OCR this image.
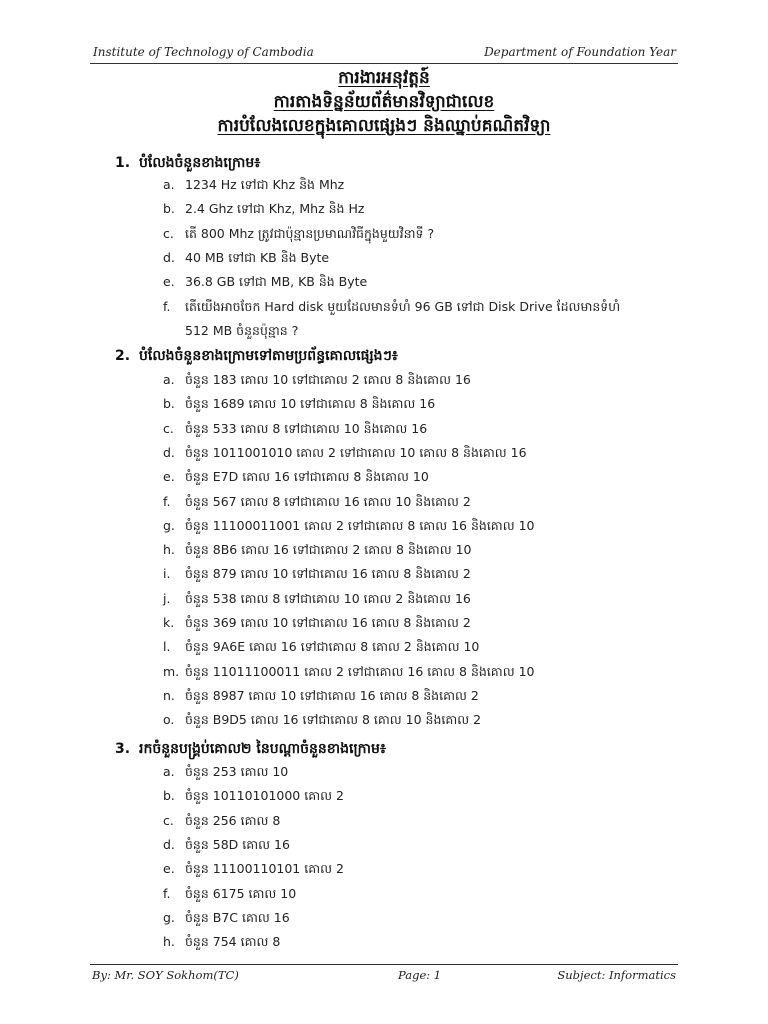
Institute of Technology of Cambodia	Department of Foundation Year
ការងារអនុវត្តន៍
ការតាងទិន្នន័យព័ត៌មានវិទ្យាជាលេខ
ការបំលែងលេខក្នុងគោលផ្សេងៗ និងឈ្នាប់គណិតវិទ្យា
1. បំលែងចំនួនខាងក្រោម៖
a. 1234 Hz ទៅជា Khz និង Mhz
b. 2.4 Ghz ទៅជា Khz, Mhz និង Hz
c. តើ 800 Mhz ត្រូវជាប៉ុន្មានប្រមាណវិធីក្នុងមួយវិនាទី ?
d. 40 MB ទៅជា KB និង Byte
e. 36.8 GB ទៅជា MB, KB និង Byte
f. តើយើងអាចចែក Hard disk មួយដែលមានទំហំ 96 GB ទៅជា Disk Drive ដែលមានទំហំ
512 MB ចំនួនប៉ុន្មាន ?
2. បំលែងចំនួនខាងក្រោមទៅតាមប្រព័ន្ធគោលផ្សេងៗ៖
a. ចំនួន 183 គោល 10 ទៅជាគោល 2 គោល 8 និងគោល 16
b. ចំនួន 1689 គោល 10 ទៅជាគោល 8 និងគោល 16
c. ចំនួន 533 គោល 8 ទៅជាគោល 10 និងគោល 16
d. ចំនួន 1011001010 គោល 2 ទៅជាគោល 10 គោល 8 និងគោល 16
e. ចំនួន E7D គោល 16 ទៅជាគោល 8 និងគោល 10
f. ចំនួន 567 គោល 8 ទៅជាគោល 16 គោល 10 និងគោល 2
g. ចំនួន 11100011001 គោល 2 ទៅជាគោល 8 គោល 16 និងគោល 10
h. ចំនួន 8B6 គោល 16 ទៅជាគោល 2 គោល 8 និងគោល 10
i. ចំនួន 879 គោល 10 ទៅជាគោល 16 គោល 8 និងគោល 2
j. ចំនួន 538 គោល 8 ទៅជាគោល 10 គោល 2 និងគោល 16
k. ចំនួន 369 គោល 10 ទៅជាគោល 16 គោល 8 និងគោល 2
l. ចំនួន 9A6E គោល 16 ទៅជាគោល 8 គោល 2 និងគោល 10
m. ចំនួន 11011100011 គោល 2 ទៅជាគោល 16 គោល 8 និងគោល 10
n. ចំនួន 8987 គោល 10 ទៅជាគោល 16 គោល 8 និងគោល 2
o. ចំនួន B9D5 គោល 16 ទៅជាគោល 8 គោល 10 និងគោល 2
3. រកចំនួនបង្គ្រប់គោល២ នៃបណ្ដាចំនួនខាងក្រោម៖
a. ចំនួន 253 គោល 10
b. ចំនួន 10110101000 គោល 2
c. ចំនួន 256 គោល 8
d. ចំនួន 58D គោល 16
e. ចំនួន 11100110101 គោល 2
f. ចំនួន 6175 គោល 10
g. ចំនួន B7C គោល 16
h. ចំនួន 754 គោល 8
By: Mr. SOY Sokhom(TC)	Page: 1	Subject: Informatics
